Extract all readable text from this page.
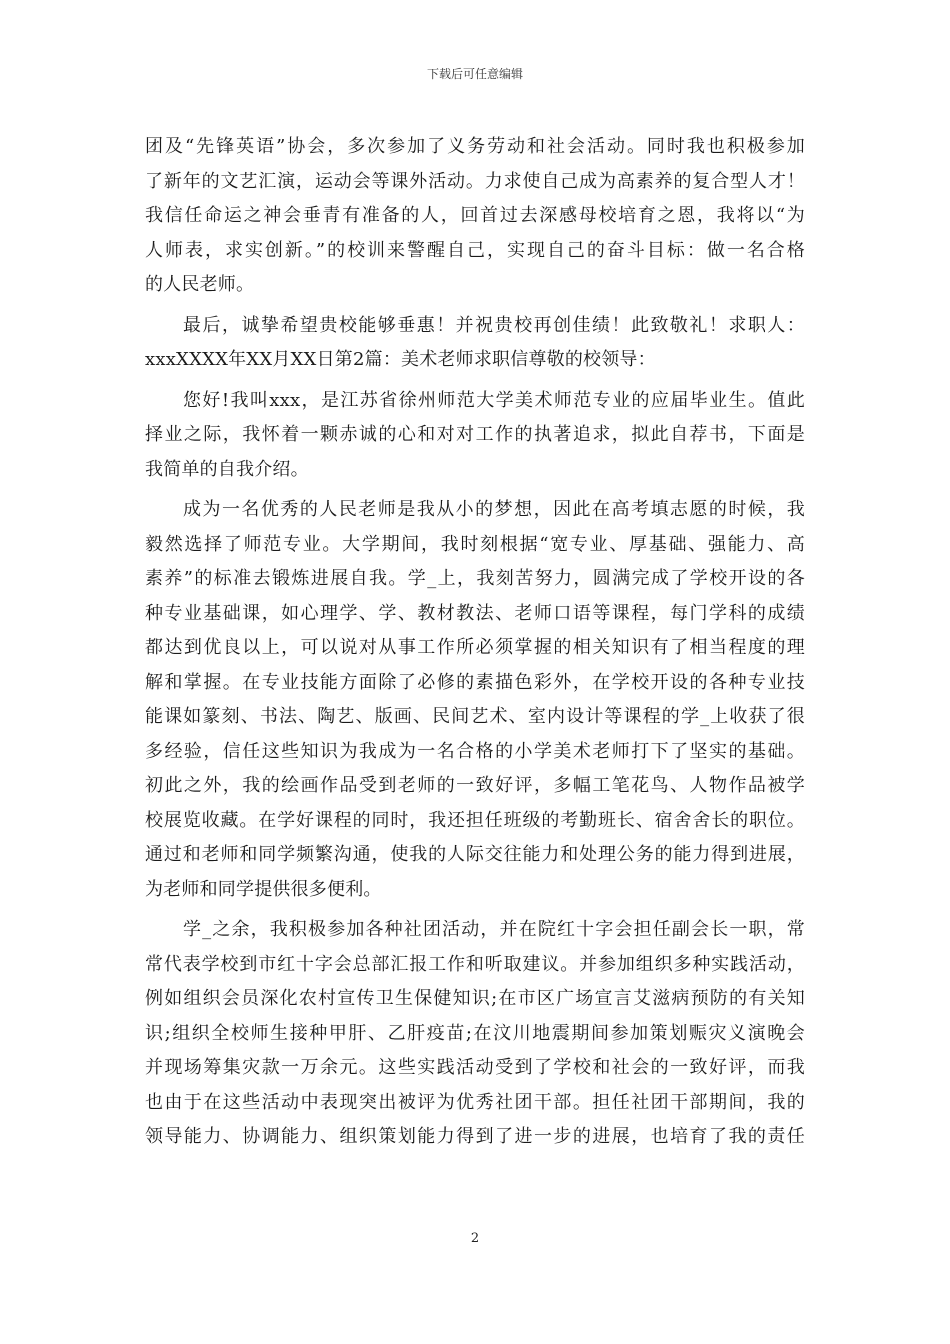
下载后可任意编辑
团及“先锋英语”协会，多次参加了义务劳动和社会活动。同时我也积极参加
了新年的文艺汇演，运动会等课外活动。力求使自己成为高素养的复合型人才！
我信任命运之神会垂青有准备的人，回首过去深感母校培育之恩，我将以“为
人师表，求实创新。”的校训来警醒自己，实现自己的奋斗目标：做一名合格
的人民老师。
最后，诚挚希望贵校能够垂惠！并祝贵校再创佳绩！此致敬礼！求职人：
xxxXXXX年XX月XX日第2篇：美术老师求职信尊敬的校领导：
您好!我叫xxx，是江苏省徐州师范大学美术师范专业的应届毕业生。值此
择业之际，我怀着一颗赤诚的心和对对工作的执著追求，拟此自荐书，下面是
我简单的自我介绍。
成为一名优秀的人民老师是我从小的梦想，因此在高考填志愿的时候，我
毅然选择了师范专业。大学期间，我时刻根据“宽专业、厚基础、强能力、高
素养”的标准去锻炼进展自我。学_上，我刻苦努力，圆满完成了学校开设的各
种专业基础课，如心理学、学、教材教法、老师口语等课程，每门学科的成绩
都达到优良以上，可以说对从事工作所必须掌握的相关知识有了相当程度的理
解和掌握。在专业技能方面除了必修的素描色彩外，在学校开设的各种专业技
能课如篆刻、书法、陶艺、版画、民间艺术、室内设计等课程的学_上收获了很
多经验，信任这些知识为我成为一名合格的小学美术老师打下了坚实的基础。
初此之外，我的绘画作品受到老师的一致好评，多幅工笔花鸟、人物作品被学
校展览收藏。在学好课程的同时，我还担任班级的考勤班长、宿舍舍长的职位。
通过和老师和同学频繁沟通，使我的人际交往能力和处理公务的能力得到进展，
为老师和同学提供很多便利。
学_之余，我积极参加各种社团活动，并在院红十字会担任副会长一职，常
常代表学校到市红十字会总部汇报工作和听取建议。并参加组织多种实践活动，
例如组织会员深化农村宣传卫生保健知识;在市区广场宣言艾滋病预防的有关知
识;组织全校师生接种甲肝、乙肝疫苗;在汶川地震期间参加策划赈灾义演晚会
并现场筹集灾款一万余元。这些实践活动受到了学校和社会的一致好评，而我
也由于在这些活动中表现突出被评为优秀社团干部。担任社团干部期间，我的
领导能力、协调能力、组织策划能力得到了进一步的进展，也培育了我的责任
2
